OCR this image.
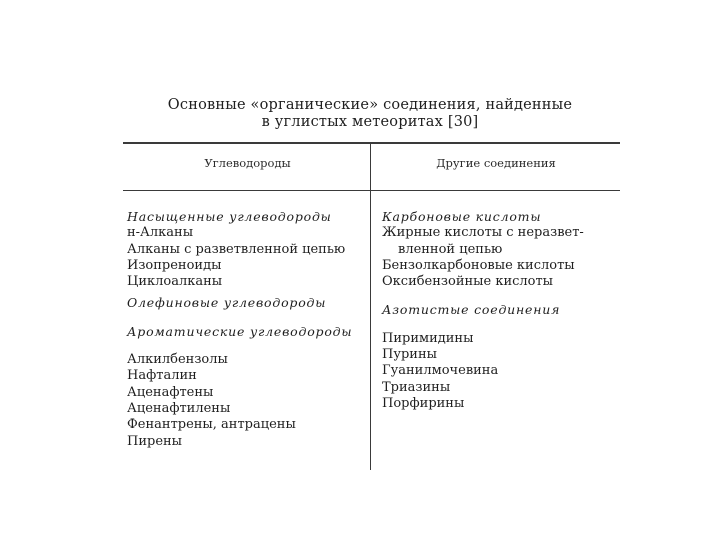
Основные «органические» соединения, найденные
в углистых метеоритах [30]
Углеводороды	Другие соединения
Насыщенные углеводороды
н-Алканы
Алканы с разветвленной цепью
Изопреноиды
Циклоалканы
Олефиновые углеводороды
Ароматические углеводороды
Алкилбензолы
Нафталин
Аценафтены
Аценафтилены
Фенантрены, антрацены
Пирены
Карбоновые кислоты
Жирные кислоты с неразвет-
вленной цепью
Бензолкарбоновые кислоты
Оксибензойные кислоты
Азотистые соединения
Пиримидины
Пурины
Гуанилмочевина
Триазины
Порфирины
